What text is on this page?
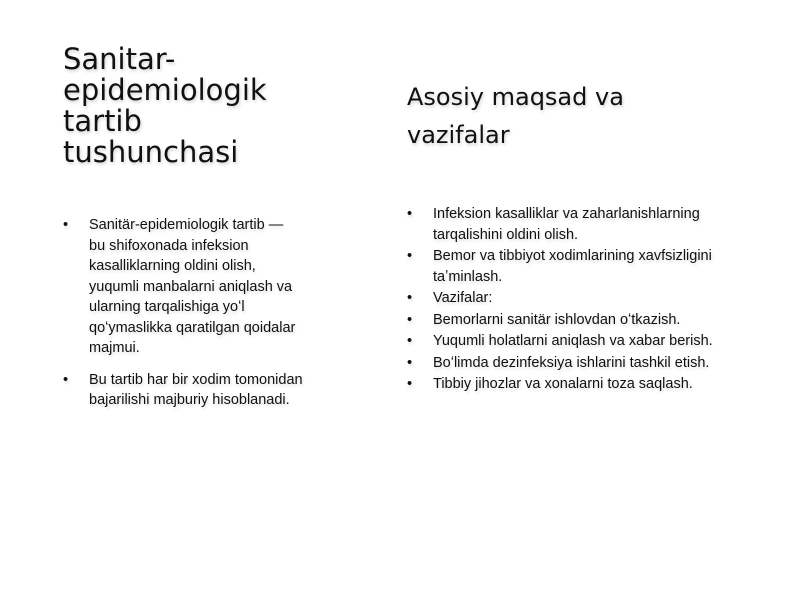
Sanitar-epidemiologik tartib tushunchasi
• Sanitär-epidemiologik tartib — bu shifoxonada infeksion kasalliklarning oldini olish, yuqumli manbalarni aniqlash va ularning tarqalishiga yoʻl qoʻymaslikka qaratilgan qoidalar majmui.
• Bu tartib har bir xodim tomonidan bajarilishi majburiy hisoblanadi.
Asosiy maqsad va vazifalar
• Infeksion kasalliklar va zaharlanishlarning tarqalishini oldini olish.
• Bemor va tibbiyot xodimlarining xavfsizligini taʼminlash.
• Vazifalar:
• Bemorlarni sanitär ishlovdan oʻtkazish.
• Yuqumli holatlarni aniqlash va xabar berish.
• Boʻlimda dezinfeksiya ishlarini tashkil etish.
• Tibbiy jihozlar va xonalarni toza saqlash.
